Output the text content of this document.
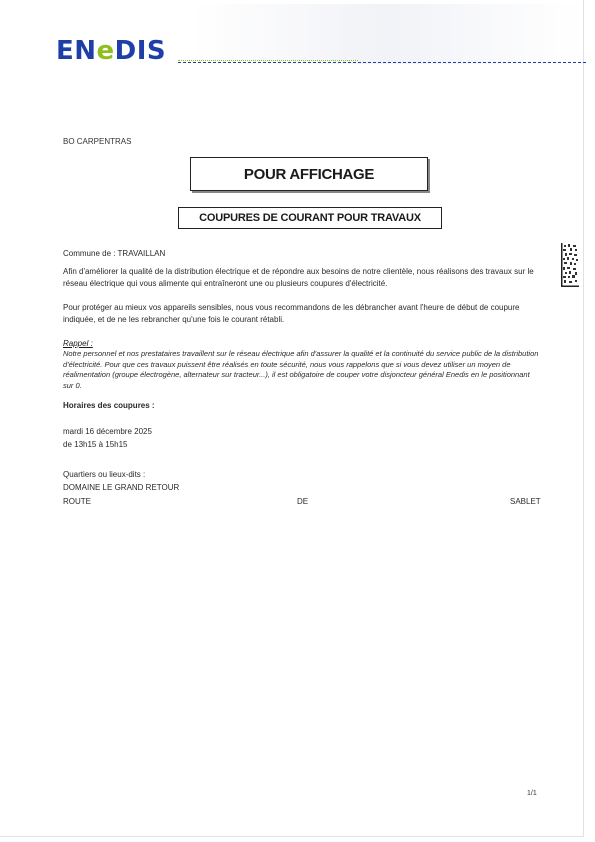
ENeDIS
BO CARPENTRAS
POUR AFFICHAGE
COUPURES DE COURANT POUR TRAVAUX
Commune de : TRAVAILLAN
Afin d'améliorer la qualité de la distribution électrique et de répondre aux besoins de notre clientèle, nous réalisons des travaux sur le réseau électrique qui vous alimente qui entraîneront une ou plusieurs coupures d'électricité.
Pour protéger au mieux vos appareils sensibles, nous vous recommandons de les débrancher avant l'heure de début de coupure indiquée, et de ne les rebrancher qu'une fois le courant rétabli.
Rappel :
Notre personnel et nos prestataires travaillent sur le réseau électrique afin d'assurer la qualité et la continuité du service public de la distribution d'électricité. Pour que ces travaux puissent être réalisés en toute sécurité, nous vous rappelons que si vous devez utiliser un moyen de réalimentation (groupe électrogène, alternateur sur tracteur...), il est obligatoire de couper votre disjoncteur général Enedis en le positionnant sur 0.
Horaires des coupures :
mardi 16 décembre 2025
de 13h15 à 15h15
Quartiers ou lieux-dits :
DOMAINE LE GRAND RETOUR
ROUTE	DE	SABLET
1/1
